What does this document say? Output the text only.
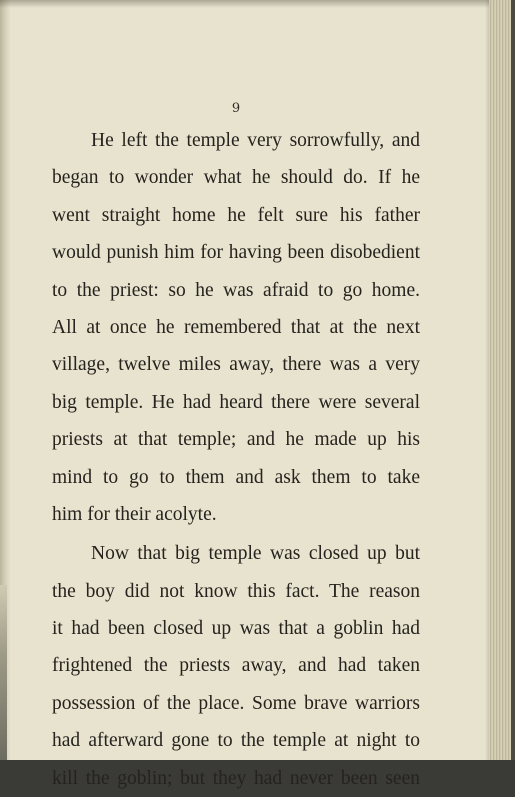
9

He left the temple very sorrowfully, and
began to wonder what he should do. If he
went straight home he felt sure his father
would punish him for having been disobedient
to the priest: so he was afraid to go home.
All at once he remembered that at the next
village, twelve miles away, there was a very
big temple. He had heard there were several
priests at that temple; and he made up his
mind to go to them and ask them to take
him for their acolyte.
Now that big temple was closed up but
the boy did not know this fact. The reason
it had been closed up was that a goblin had
frightened the priests away, and had taken
possession of the place. Some brave warriors
had afterward gone to the temple at night to
kill the goblin; but they had never been seen
